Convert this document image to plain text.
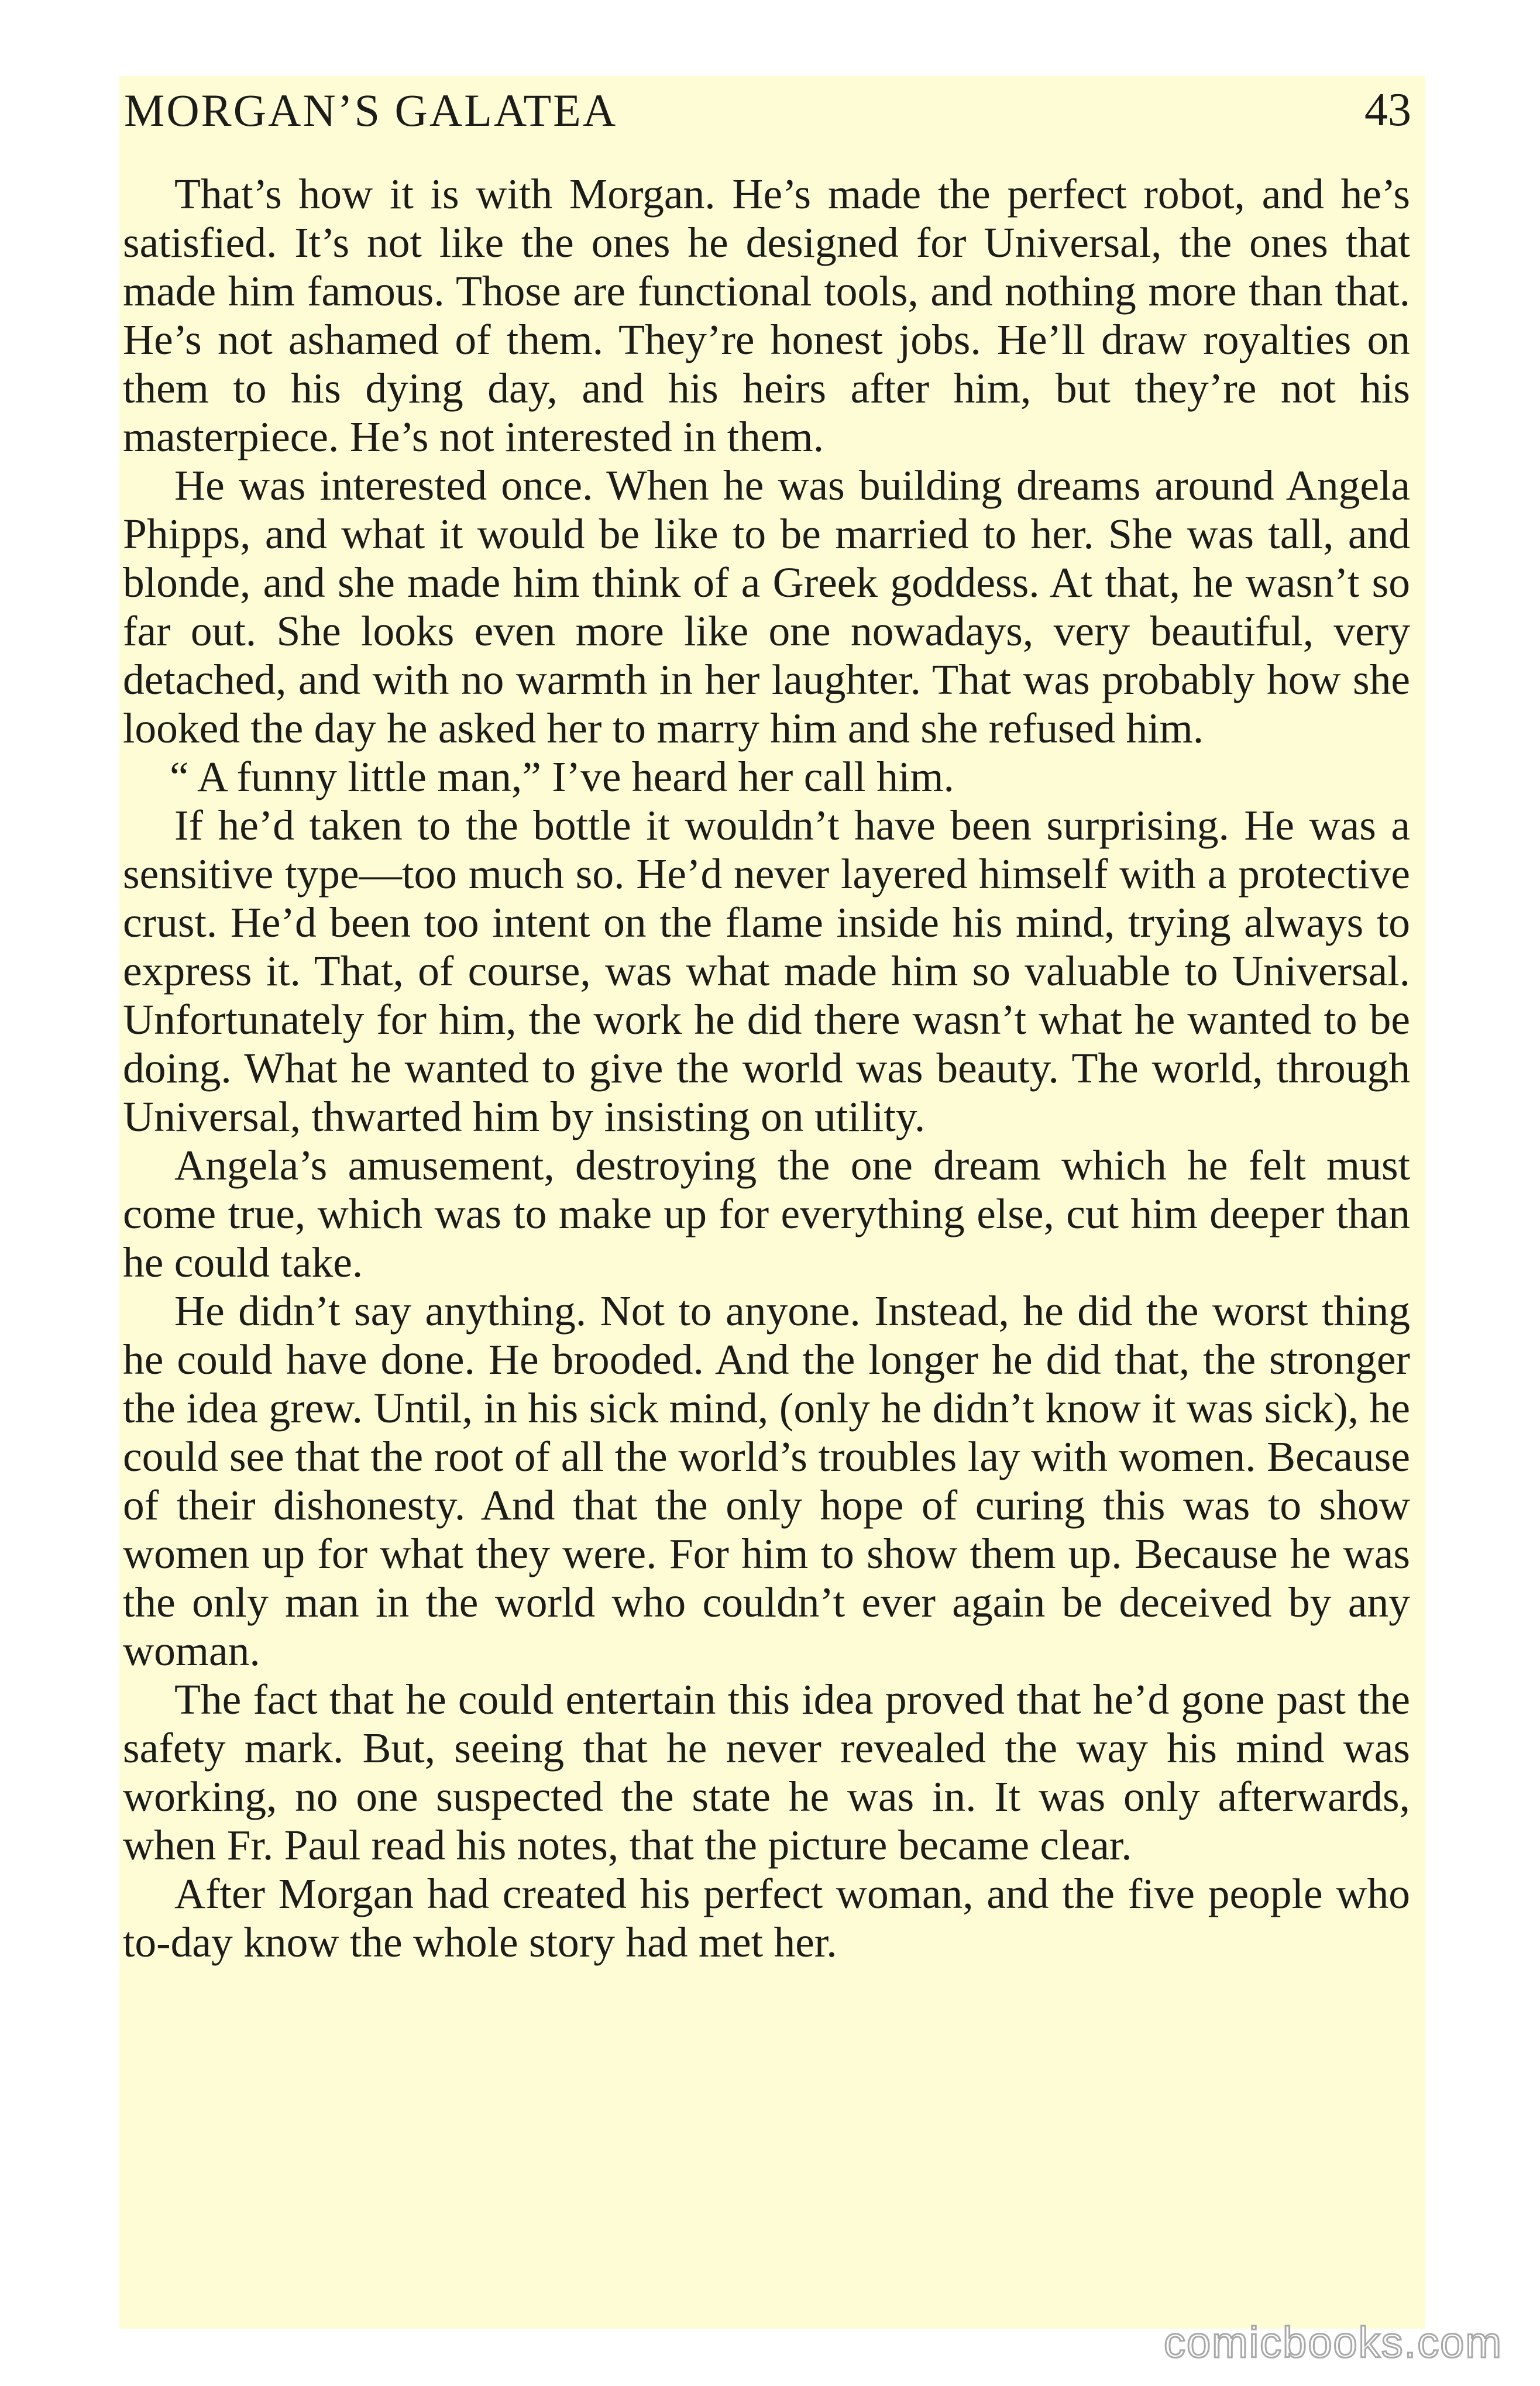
MORGAN’S GALATEA	43

That’s how it is with Morgan. He’s made the perfect robot, and he’s satisfied. It’s not like the ones he designed for Universal, the ones that made him famous. Those are functional tools, and nothing more than that. He’s not ashamed of them. They’re honest jobs. He’ll draw royalties on them to his dying day, and his heirs after him, but they’re not his masterpiece. He’s not interested in them.

He was interested once. When he was building dreams around Angela Phipps, and what it would be like to be married to her. She was tall, and blonde, and she made him think of a Greek goddess. At that, he wasn’t so far out. She looks even more like one nowadays, very beautiful, very detached, and with no warmth in her laughter. That was probably how she looked the day he asked her to marry him and she refused him.

“ A funny little man,” I’ve heard her call him.

If he’d taken to the bottle it wouldn’t have been surprising. He was a sensitive type—too much so. He’d never layered himself with a protective crust. He’d been too intent on the flame inside his mind, trying always to express it. That, of course, was what made him so valuable to Universal. Unfortunately for him, the work he did there wasn’t what he wanted to be doing. What he wanted to give the world was beauty. The world, through Universal, thwarted him by insisting on utility.

Angela’s amusement, destroying the one dream which he felt must come true, which was to make up for everything else, cut him deeper than he could take.

He didn’t say anything. Not to anyone. Instead, he did the worst thing he could have done. He brooded. And the longer he did that, the stronger the idea grew. Until, in his sick mind, (only he didn’t know it was sick), he could see that the root of all the world’s troubles lay with women. Because of their dishonesty. And that the only hope of curing this was to show women up for what they were. For him to show them up. Because he was the only man in the world who couldn’t ever again be deceived by any woman.

The fact that he could entertain this idea proved that he’d gone past the safety mark. But, seeing that he never revealed the way his mind was working, no one suspected the state he was in. It was only afterwards, when Fr. Paul read his notes, that the picture became clear.

After Morgan had created his perfect woman, and the five people who to-day know the whole story had met her.

comicbooks.com
